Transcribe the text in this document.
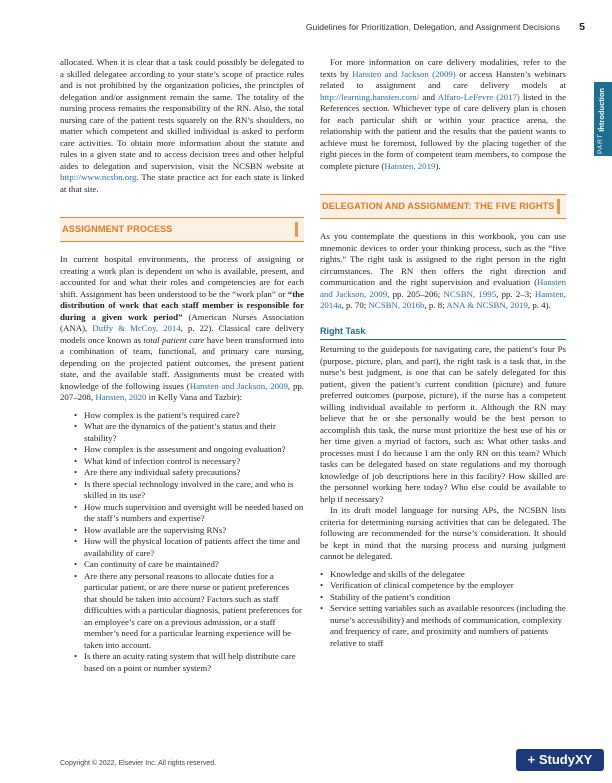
Guidelines for Prioritization, Delegation, and Assignment Decisions 5
PART 1
Introduction

allocated. When it is clear that a task could possibly be delegated to a skilled delegatee according to your state’s scope of practice rules and is not prohibited by the organization policies, the principles of delegation and/or assignment remain the same. The totality of the nursing process remains the responsibility of the RN. Also, the total nursing care of the patient rests squarely on the RN’s shoulders, no matter which competent and skilled individual is asked to perform care activities. To obtain more information about the statute and rules in a given state and to access decision trees and other helpful aides to delegation and supervision, visit the NCSBN website at http://www.ncsbn.org. The state practice act for each state is linked at that site.

ASSIGNMENT PROCESS

In current hospital environments, the process of assigning or creating a work plan is dependent on who is available, present, and accounted for and what their roles and competencies are for each shift. Assignment has been understood to be the “work plan” or “the distribution of work that each staff member is responsible for during a given work period” (American Nurses Association (ANA), Duffy & McCoy, 2014, p. 22). Classical care delivery models once known as total patient care have been transformed into a combination of team, functional, and primary care nursing, depending on the projected patient outcomes, the present patient state, and the available staff. Assignments must be created with knowledge of the following issues (Hansten and Jackson, 2009, pp. 207–208, Hansten, 2020 in Kelly Vana and Tazbir):

• How complex is the patient’s required care?
• What are the dynamics of the patient’s status and their stability?
• How complex is the assessment and ongoing evaluation?
• What kind of infection control is necessary?
• Are there any individual safety precautions?
• Is there special technology involved in the care, and who is skilled in its use?
• How much supervision and oversight will be needed based on the staff’s numbers and expertise?
• How available are the supervising RNs?
• How will the physical location of patients affect the time and availability of care?
• Can continuity of care be maintained?
• Are there any personal reasons to allocate duties for a particular patient, or are there nurse or patient preferences that should be taken into account? Factors such as staff difficulties with a particular diagnosis, patient preferences for an employee’s care on a previous admission, or a staff member’s need for a particular learning experience will be taken into account.
• Is there an acuity rating system that will help distribute care based on a point or number system?

For more information on care delivery modalities, refer to the texts by Hansten and Jackson (2009) or access Hansten’s webinars related to assignment and care delivery models at http://learning.hansten.com/ and Alfaro-LeFevre (2017) listed in the References section. Whichever type of care delivery plan is chosen for each particular shift or within your practice arena, the relationship with the patient and the results that the patient wants to achieve must be foremost, followed by the placing together of the right pieces in the form of competent team members, to compose the complete picture (Hansten, 2019).

DELEGATION AND ASSIGNMENT: THE FIVE RIGHTS

As you contemplate the questions in this workbook, you can use mnemonic devices to order your thinking process, such as the “five rights.” The right task is assigned to the right person in the right circumstances. The RN then offers the right direction and communication and the right supervision and evaluation (Hansten and Jackson, 2009, pp. 205–206; NCSBN, 1995, pp. 2–3; Hansten, 2014a, p. 70; NCSBN, 2016b, p. 8; ANA & NCSBN, 2019, p. 4).

Right Task

Returning to the guideposts for navigating care, the patient’s four Ps (purpose, picture, plan, and part), the right task is a task that, in the nurse’s best judgment, is one that can be safely delegated for this patient, given the patient’s current condition (picture) and future preferred outcomes (purpose, picture), if the nurse has a competent willing individual available to perform it. Although the RN may believe that he or she personally would be the best person to accomplish this task, the nurse must prioritize the best use of his or her time given a myriad of factors, such as: What other tasks and processes must I do because I am the only RN on this team? Which tasks can be delegated based on state regulations and my thorough knowledge of job descriptions here in this facility? How skilled are the personnel working here today? Who else could be available to help if necessary?

In its draft model language for nursing APs, the NCSBN lists criteria for determining nursing activities that can be delegated. The following are recommended for the nurse’s consideration. It should be kept in mind that the nursing process and nursing judgment cannot be delegated.

• Knowledge and skills of the delegatee
• Verification of clinical competence by the employer
• Stability of the patient’s condition
• Service setting variables such as available resources (including the nurse’s accessibility) and methods of communication, complexity and frequency of care, and proximity and numbers of patients relative to staff
Copyright © 2022, Elsevier Inc. All rights reserved.	+ StudyXY
